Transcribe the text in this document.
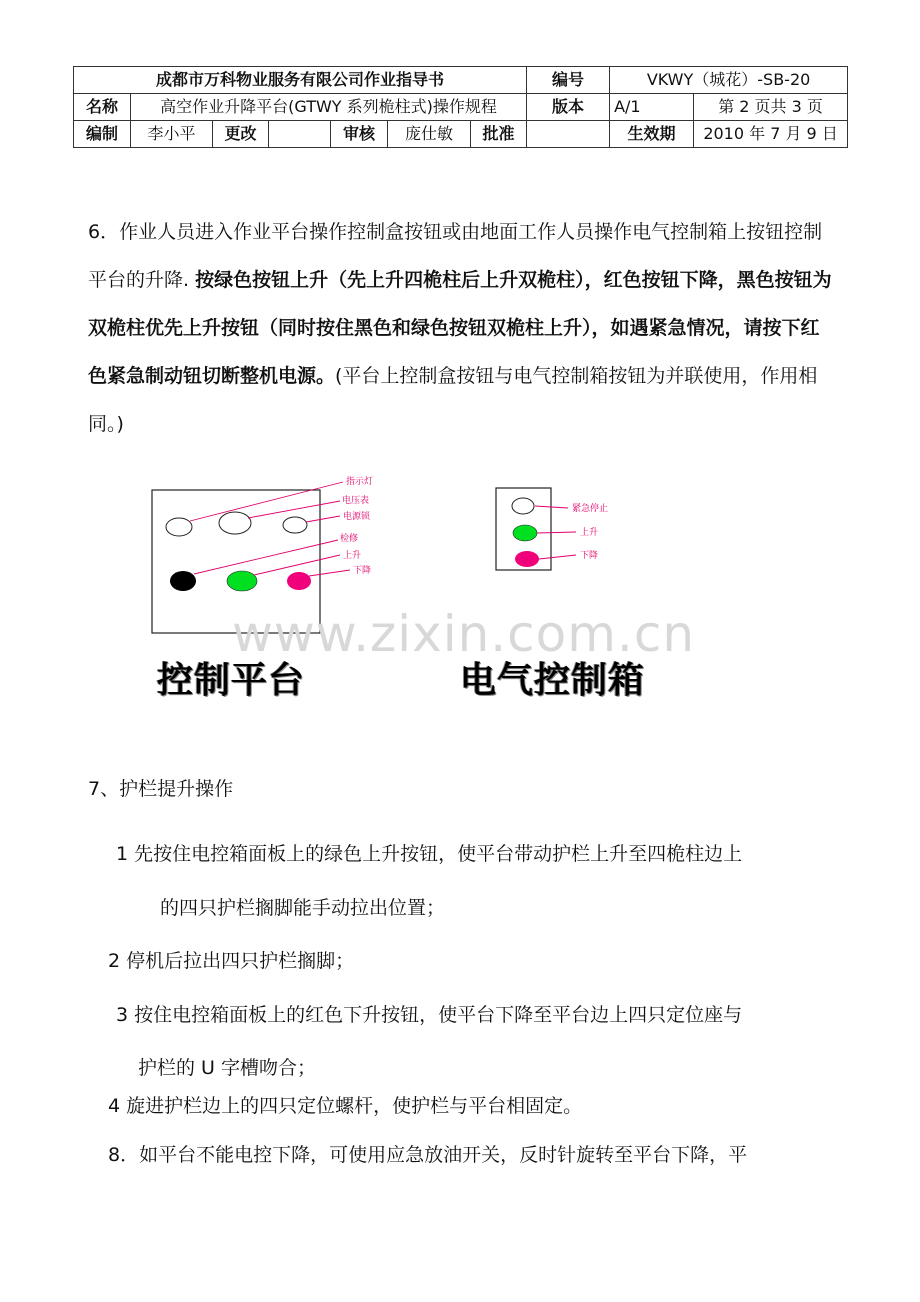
成都市万科物业服务有限公司作业指导书							编号	VKWY（城花）-SB-20	
名称	高空作业升降平台(GTWY 系列桅柱式)操作规程						版本	A/1	第 2 页共 3 页
编制	李小平	更改		审核	庞仕敏	批准		生效期	2010 年 7 月 9 日
6．作业人员进入作业平台操作控制盒按钮或由地面工作人员操作电气控制箱上按钮控制平台的升降. 按绿色按钮上升（先上升四桅柱后上升双桅柱），红色按钮下降，黑色按钮为双桅柱优先上升按钮（同时按住黑色和绿色按钮双桅柱上升），如遇紧急情况，请按下红色紧急制动钮切断整机电源。(平台上控制盒按钮与电气控制箱按钮为并联使用，作用相同。)
指示灯
电压表
电源锁
检修
上升
下降
紧急停止
上升
下降
控制平台	电气控制箱
www.zixin.com.cn
7、护栏提升操作
1 先按住电控箱面板上的绿色上升按钮，使平台带动护栏上升至四桅柱边上
的四只护栏搁脚能手动拉出位置；
2 停机后拉出四只护栏搁脚；
3 按住电控箱面板上的红色下升按钮，使平台下降至平台边上四只定位座与
护栏的 U 字槽吻合；
4 旋进护栏边上的四只定位螺杆，使护栏与平台相固定。
8．如平台不能电控下降，可使用应急放油开关，反时针旋转至平台下降，平
